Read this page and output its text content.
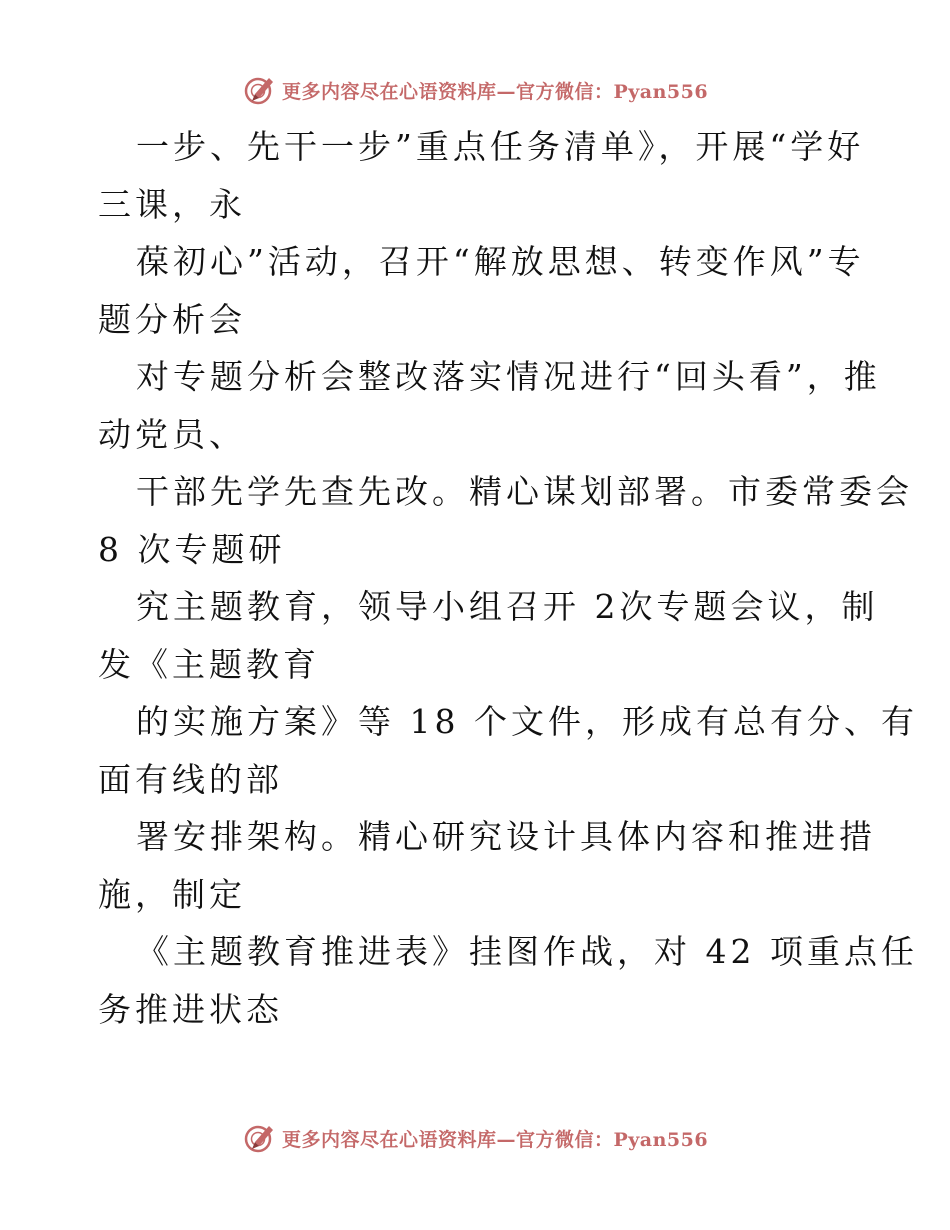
更多内容尽在心语资料库—官方微信：Pyan556
一步、先干一步”重点任务清单》，开展“学好
三课，永
葆初心”活动，召开“解放思想、转变作风”专
题分析会
对专题分析会整改落实情况进行“回头看”，推
动党员、
干部先学先查先改。精心谋划部署。市委常委会
8 次专题研
究主题教育，领导小组召开 2次专题会议，制
发《主题教育
的实施方案》等 18 个文件，形成有总有分、有
面有线的部
署安排架构。精心研究设计具体内容和推进措
施，制定
《主题教育推进表》挂图作战，对 42 项重点任
务推进状态
更多内容尽在心语资料库—官方微信：Pyan556
